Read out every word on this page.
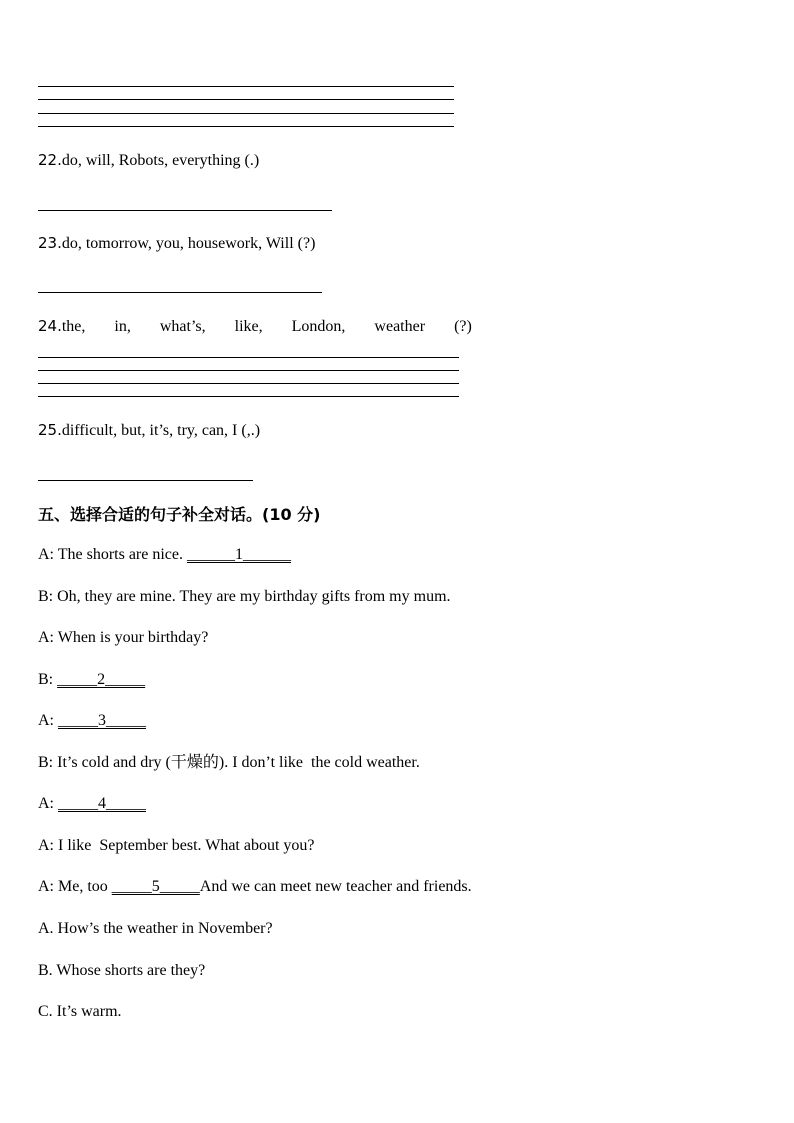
22.do, will, Robots, everything (.)
23.do, tomorrow, you, housework, Will (?)
24. the, in, what’s, like, London, weather (?)
25.difficult, but, it’s, try, can, I (,.)
五、选择合适的句子补全对话。(10 分)
A: The shorts are nice. ______1______
B: Oh, they are mine. They are my birthday gifts from my mum.
A: When is your birthday?
B: _____2_____
A: _____3_____
B: It’s cold and dry (干燥的). I don’t like  the cold weather.
A: _____4_____
A: I like  September best. What about you?
A: Me, too _____5_____And we can meet new teacher and friends.
A. How’s the weather in November?
B. Whose shorts are they?
C. It’s warm.
